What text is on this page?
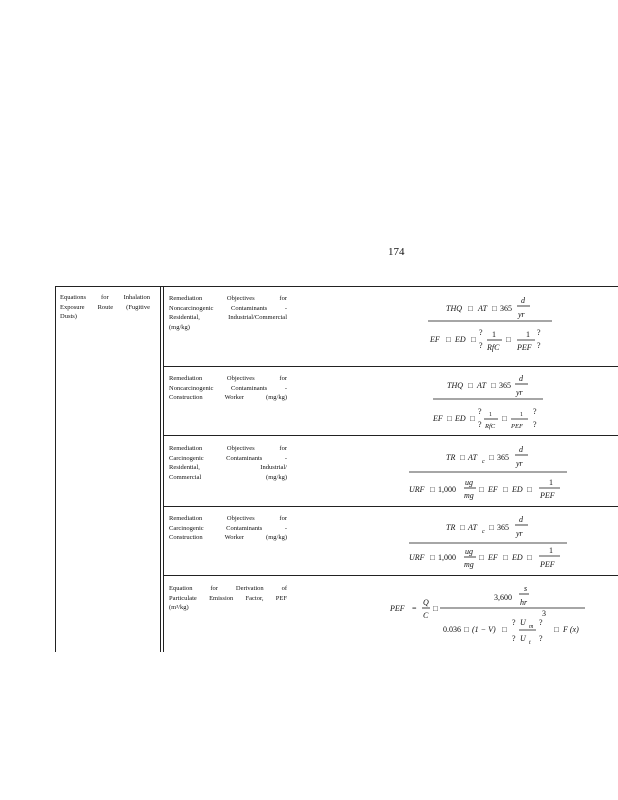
174
Equations for Inhalation
Exposure Route (Fugitive
Dusts)
Remediation Objectives for
Noncarcinogenic Contaminants -
Residential, Industrial/Commercial
(mg/kg)
Remediation Objectives for
Noncarcinogenic Contaminants -
Construction Worker (mg/kg)
Remediation Objectives for
Carcinogenic Contaminants -
Residential, Industrial/
Commercial (mg/kg)
Remediation Objectives for
Carcinogenic Contaminants -
Construction Worker (mg/kg)
Equation for Derivation of
Particulate Emission Factor, PEF
(m³/kg)
THQ □ AT □ 365
d
yr
EF □ ED □
?
?
1
RfC
□
1
PEF
?
?
THQ □ AT □ 365
d
yr
EF □ ED □
?
?
1
RfC
□ 1
PEF
?
?
TR □ AT c □ 365
d
yr
URF □ 1,000
ug
mg
□ EF □ ED □
1
PEF
TR □ AT c □ 365
d
yr
URF □ 1,000
ug
mg
□ EF □ ED □
1
PEF
PEF =
Q
C
□
3,600
s
hr
0.036 □ (1 − V) □
?
?
U m
U t
?
?
3
□ F (x)
